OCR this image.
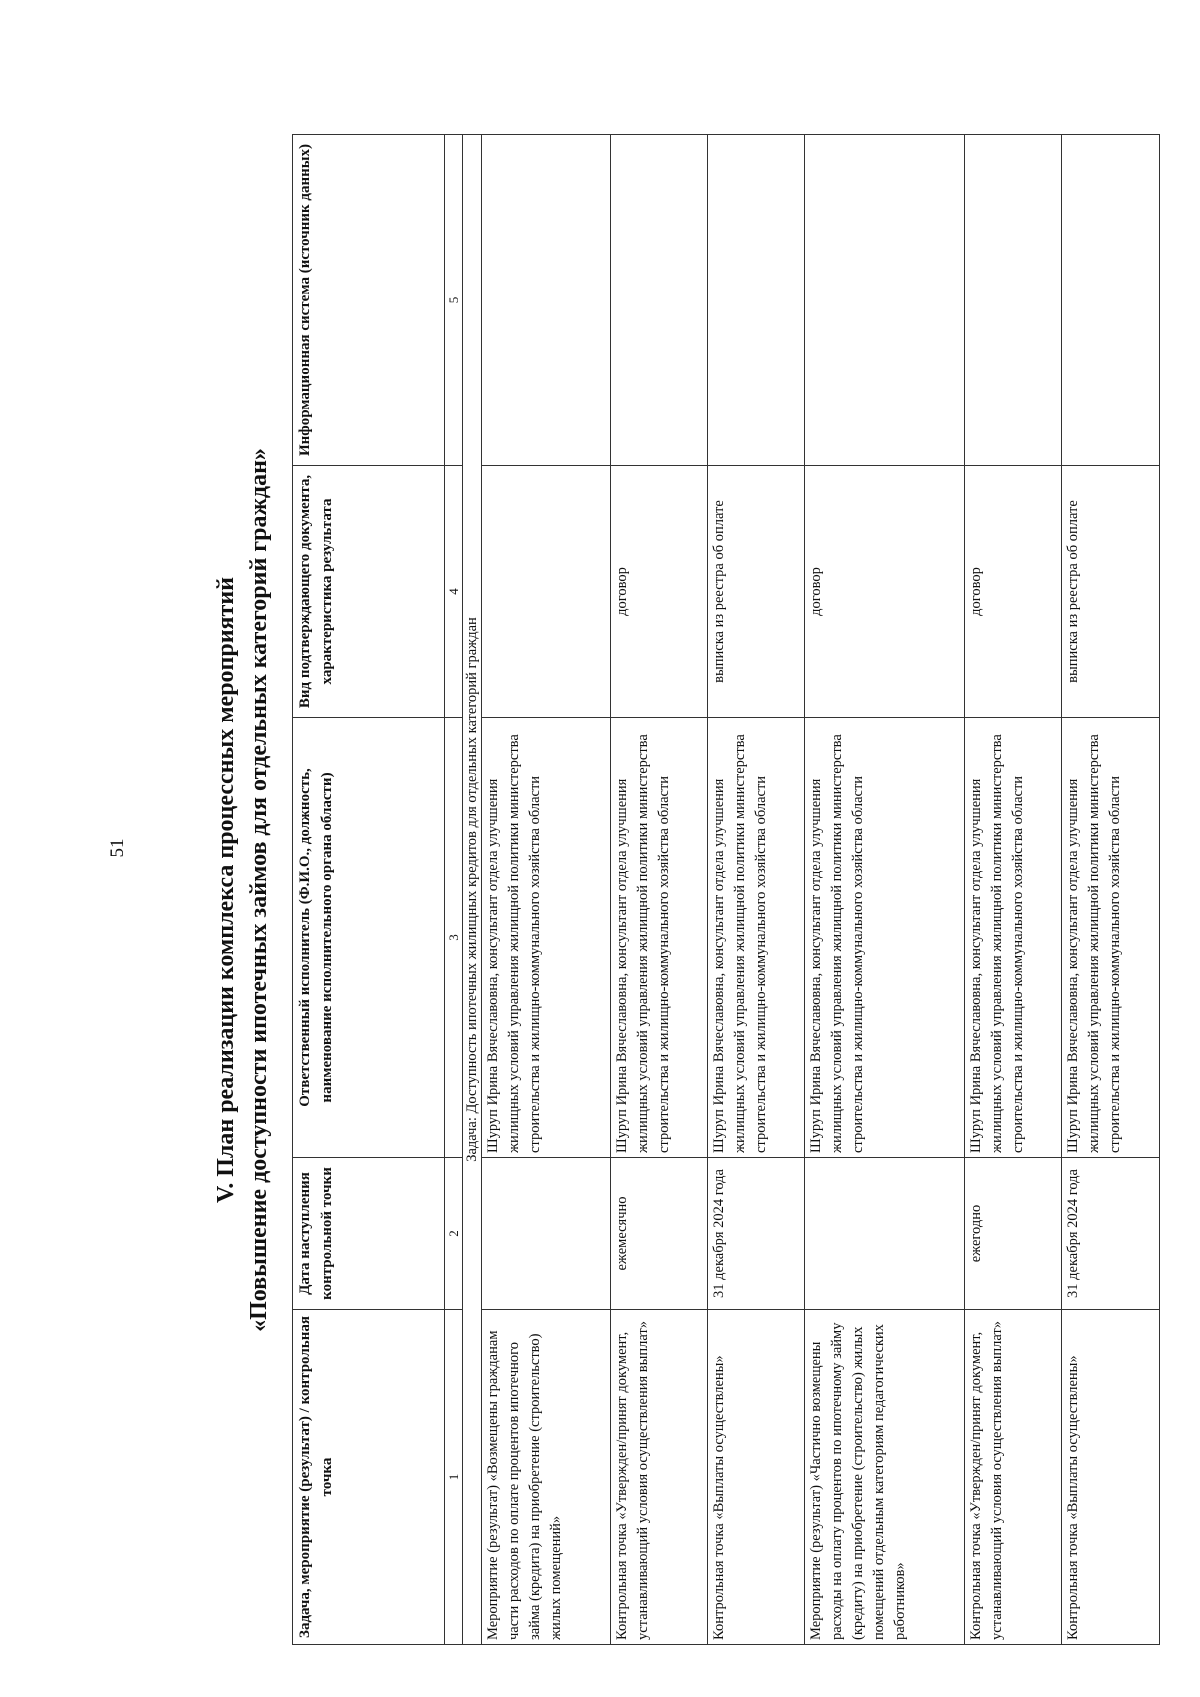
51	V. План реализации комплекса процессных мероприятий «Повышение доступности ипотечных займов для отдельных категорий граждан»
Задача, мероприятие (результат) / контрольная точка	Дата наступления контрольной точки	Ответственный исполнитель (Ф.И.О., должность, наименование исполнительного органа области)	Вид подтверждающего документа, характеристика результата	Информационная система (источник данных)
1	2	3	4	5
Задача: Доступность ипотечных жилищных кредитов для отдельных категорий граждан				
Мероприятие (результат) «Возмещены гражданам части расходов по оплате процентов ипотечного займа (кредита) на приобретение (строительство) жилых помещений»		Шуруп Ирина Вячеславовна, консультант отдела улучшения жилищных условий управления жилищной политики министерства строительства и жилищно-коммунального хозяйства области		
Контрольная точка «Утвержден/принят документ, устанавливающий условия осуществления выплат»	ежемесячно	Шуруп Ирина Вячеславовна, консультант отдела улучшения жилищных условий управления жилищной политики министерства строительства и жилищно-коммунального хозяйства области	договор	
Контрольная точка «Выплаты осуществлены»	31 декабря 2024 года	Шуруп Ирина Вячеславовна, консультант отдела улучшения жилищных условий управления жилищной политики министерства строительства и жилищно-коммунального хозяйства области	выписка из реестра об оплате	
Мероприятие (результат) «Частично возмещены расходы на оплату процентов по ипотечному займу (кредиту) на приобретение (строительство) жилых помещений отдельным категориям педагогических работников»		Шуруп Ирина Вячеславовна, консультант отдела улучшения жилищных условий управления жилищной политики министерства строительства и жилищно-коммунального хозяйства области	договор	
Контрольная точка «Утвержден/принят документ, устанавливающий условия осуществления выплат»	ежегодно	Шуруп Ирина Вячеславовна, консультант отдела улучшения жилищных условий управления жилищной политики министерства строительства и жилищно-коммунального хозяйства области	договор	
Контрольная точка «Выплаты осуществлены»	31 декабря 2024 года	Шуруп Ирина Вячеславовна, консультант отдела улучшения жилищных условий управления жилищной политики министерства строительства и жилищно-коммунального хозяйства области	выписка из реестра об оплате	
